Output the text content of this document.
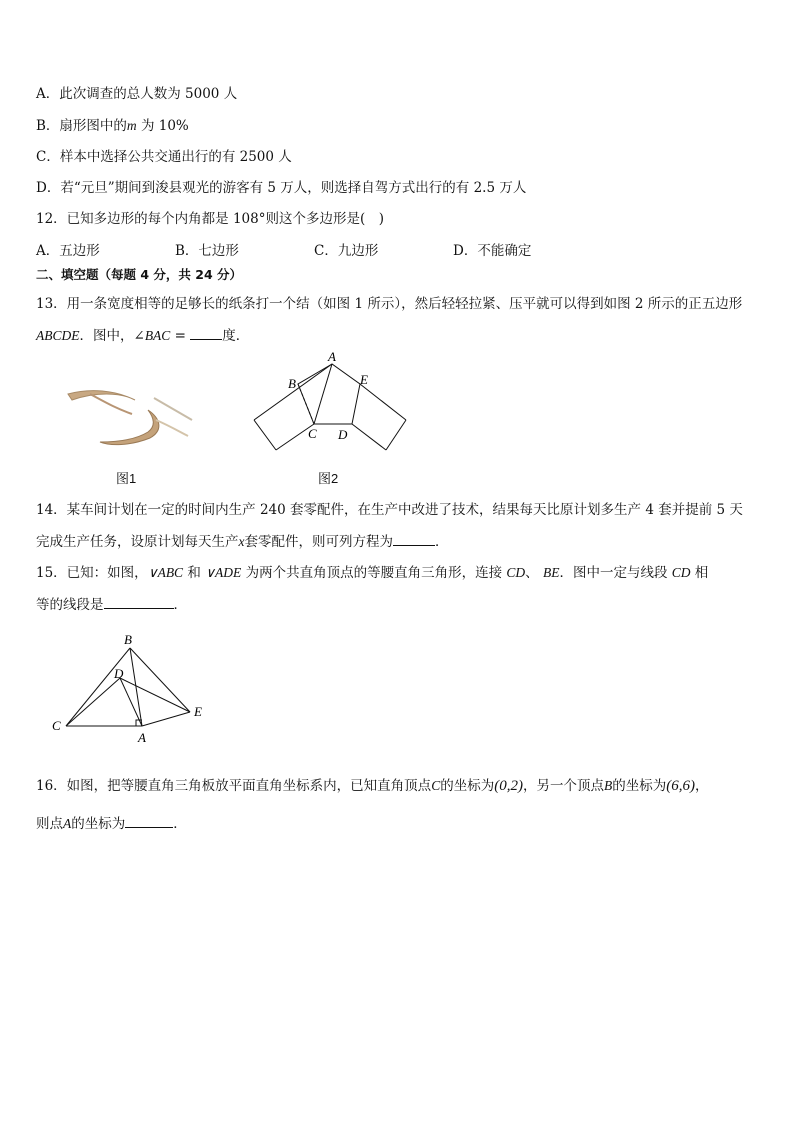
A．此次调查的总人数为 5000 人
B．扇形图中的m 为 10%
C．样本中选择公共交通出行的有 2500 人
D．若“元旦”期间到浚县观光的游客有 5 万人，则选择自驾方式出行的有 2.5 万人
12．已知多边形的每个内角都是 108°则这个多边形是(　)
A．五边形	B．七边形	C．九边形	D．不能确定
二、填空题（每题 4 分，共 24 分）
13．用一条宽度相等的足够长的纸条打一个结（如图 1 所示），然后轻轻拉紧、压平就可以得到如图 2 所示的正五边形
ABCDE．图中，∠BAC = 度．
图1
A
B
C D
E
图2
14．某车间计划在一定的时间内生产 240 套零配件，在生产中改进了技术，结果每天比原计划多生产 4 套并提前 5 天
完成生产任务，设原计划每天生产x套零配件，则可列方程为	．
15．已知：如图，∨ABC 和 ∨ADE 为两个共直角顶点的等腰直角三角形，连接 CD、 BE．图中一定与线段 CD 相
等的线段是	．
B
D
C
A
E
16．如图，把等腰直角三角板放平面直角坐标系内，已知直角顶点C的坐标为(0,2)，另一个顶点B的坐标为(6,6)，
则点A的坐标为	．
